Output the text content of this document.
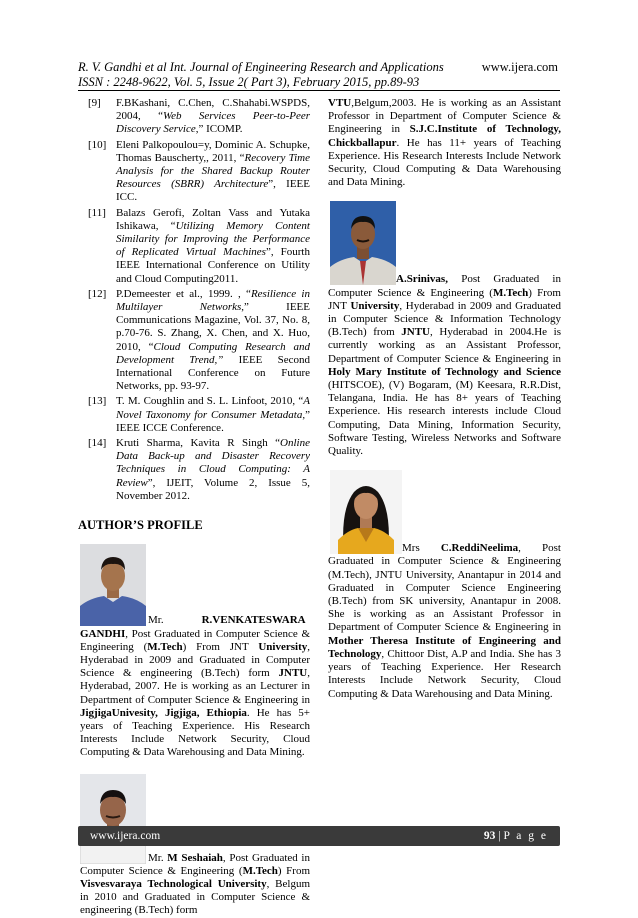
R. V. Gandhi et al Int. Journal of Engineering Research and Applications
ISSN : 2248-9622, Vol. 5, Issue 2( Part 3), February 2015, pp.89-93
www.ijera.com
[9]	F.BKashani, C.Chen, C.Shahabi.WSPDS, 2004, “Web Services Peer-to-Peer Discovery Service,” ICOMP.
[10] Eleni Palkopoulou=y, Dominic A. Schupke, Thomas Bauscherty,, 2011, “Recovery Time Analysis for the Shared Backup Router Resources (SBRR) Architecture”, IEEE ICC.
[11] Balazs Gerofi, Zoltan Vass and Yutaka Ishikawa, “Utilizing Memory Content Similarity for Improving the Performance of Replicated Virtual Machines”, Fourth IEEE International Conference on Utility and Cloud Computing2011.
[12] P.Demeester et al., 1999. , “Resilience in Multilayer Networks,” IEEE Communications Magazine, Vol. 37, No. 8, p.70-76. S. Zhang, X. Chen, and X. Huo, 2010, “Cloud Computing Research and Development Trend,” IEEE Second International Conference on Future Networks, pp. 93-97.
[13] T. M. Coughlin and S. L. Linfoot, 2010, “A Novel Taxonomy for Consumer Metadata,” IEEE ICCE Conference.
[14] Kruti Sharma, Kavita R Singh “Online Data Back-up and Disaster Recovery Techniques in Cloud Computing: A Review”, IJEIT, Volume 2, Issue 5, November 2012.
AUTHOR’S PROFILE

Mr.	R.VENKATESWARA GANDHI, Post Graduated in Computer Science & Engineering (M.Tech) From JNT University, Hyderabad in 2009 and Graduated in Computer Science & engineering (B.Tech) form JNTU, Hyderabad, 2007. He is working as an Lecturer in Department of Computer Science & Engineering in JigjigaUnivesity, Jigjiga, Ethiopia. He has 5+ years of Teaching Experience. His Research Interests Include Network Security, Cloud Computing & Data Warehousing and Data Mining.

Mr. M Seshaiah, Post Graduated in Computer Science & Engineering (M.Tech) From Visvesvaraya Technological University, Belgum in 2010 and Graduated in Computer Science & engineering (B.Tech) form

VTU,Belgum,2003. He is working as an Assistant Professor in Department of Computer Science & Engineering in S.J.C.Institute of Technology, Chickballapur. He has 11+ years of Teaching Experience. His Research Interests Include Network Security, Cloud Computing & Data Warehousing and Data Mining.

A.Srinivas, Post Graduated in Computer Science & Engineering (M.Tech) From JNT University, Hyderabad in 2009 and Graduated in Computer Science & Information Technology (B.Tech) from JNTU, Hyderabad in 2004.He is currently working as an Assistant Professor, Department of Computer Science & Engineering in Holy Mary Institute of Technology and Science (HITSCOE), (V) Bogaram, (M) Keesara, R.R.Dist, Telangana, India. He has 8+ years of Teaching Experience. His research interests include Cloud Computing, Data Mining, Information Security, Software Testing, Wireless Networks and Software Quality.

Mrs C.ReddiNeelima, Post Graduated in Computer Science & Engineering (M.Tech), JNTU University, Anantapur in 2014 and Graduated in Computer Science Engineering (B.Tech) from SK university, Anantapur in 2008. She is working as an Assistant Professor in Department of Computer Science & Engineering in Mother Theresa Institute of Engineering and Technology, Chittoor Dist, A.P and India. She has 3 years of Teaching Experience. Her Research Interests Include Network Security, Cloud Computing & Data Warehousing and Data Mining.

www.ijera.com	93 | P a g e
